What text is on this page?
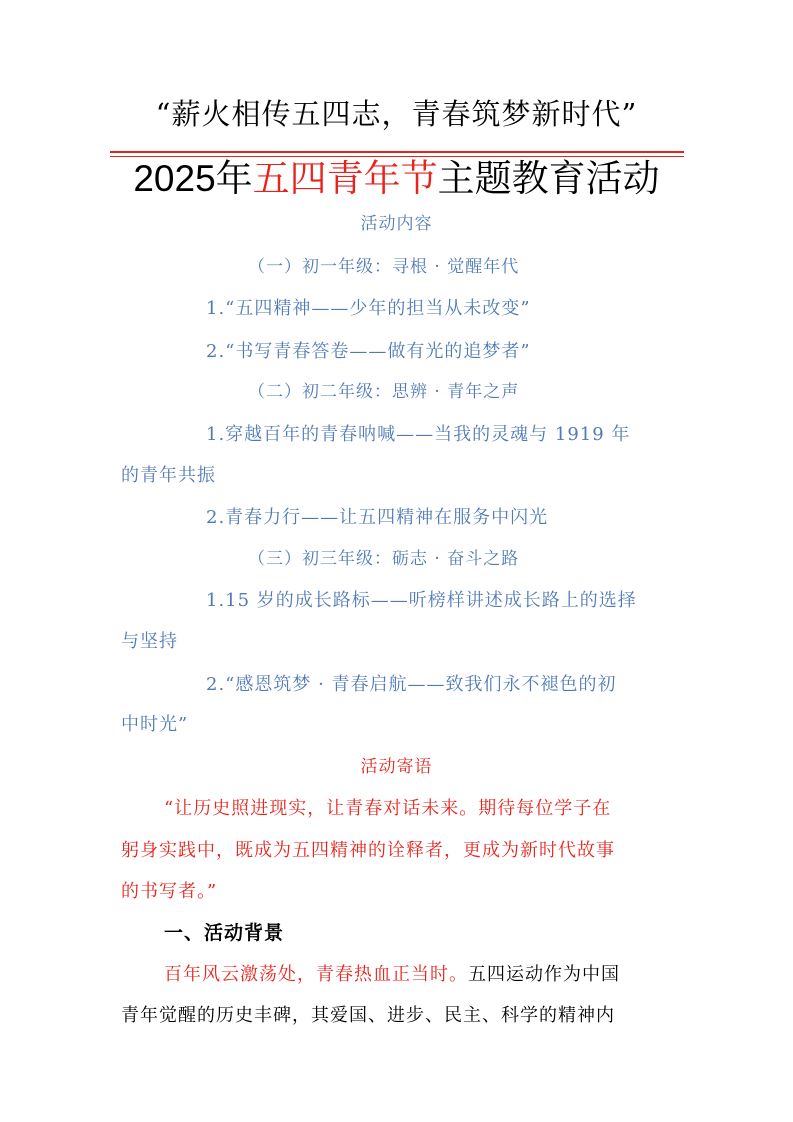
“薪火相传五四志，青春筑梦新时代”
2025年五四青年节主题教育活动
活动内容
（一）初一年级：寻根 · 觉醒年代
1.“五四精神——少年的担当从未改变”
2.“书写青春答卷——做有光的追梦者”
（二）初二年级：思辨 · 青年之声
1.穿越百年的青春呐喊——当我的灵魂与 1919 年
的青年共振
2.青春力行——让五四精神在服务中闪光
（三）初三年级：砺志 · 奋斗之路
1.15 岁的成长路标——听榜样讲述成长路上的选择
与坚持
2.“感恩筑梦 · 青春启航——致我们永不褪色的初
中时光”
活动寄语
“让历史照进现实，让青春对话未来。期待每位学子在
躬身实践中，既成为五四精神的诠释者，更成为新时代故事
的书写者。”
一、活动背景
百年风云激荡处，青春热血正当时。五四运动作为中国
青年觉醒的历史丰碑，其爱国、进步、民主、科学的精神内
